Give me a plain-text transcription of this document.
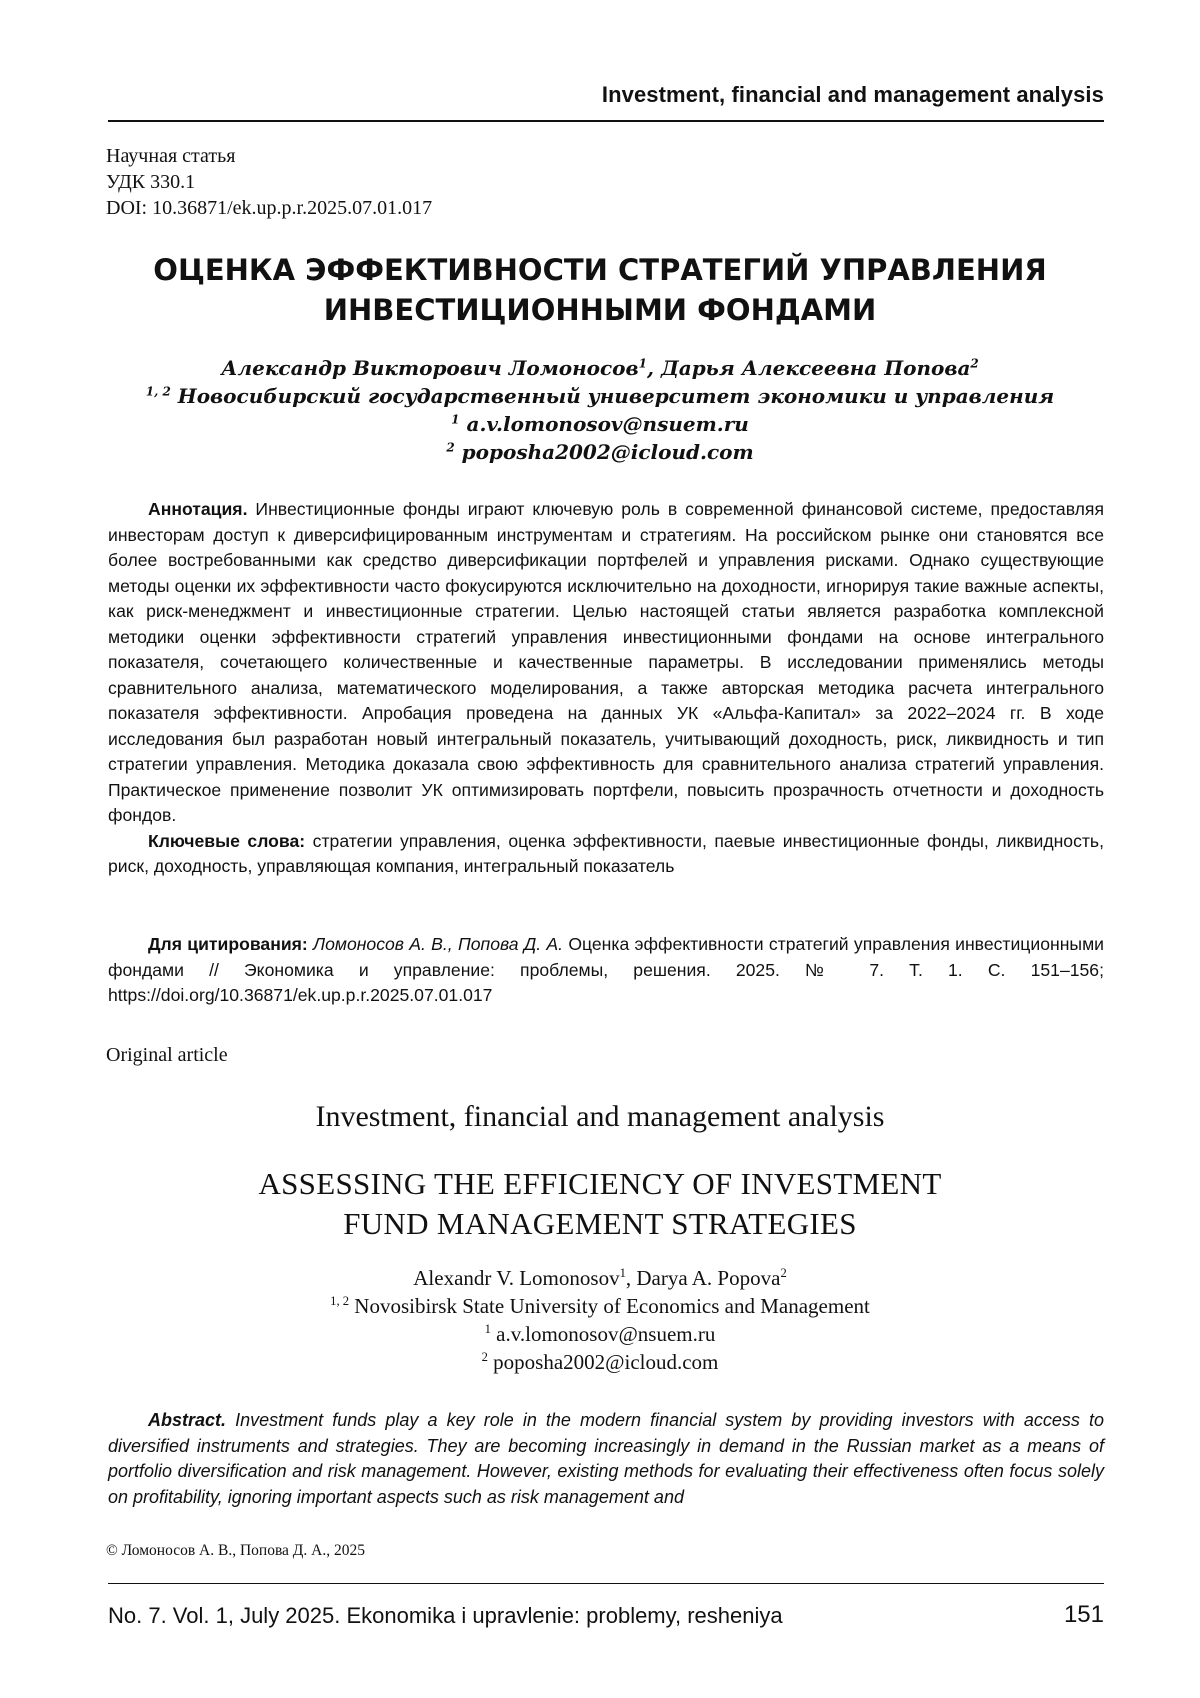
Investment, financial and management analysis
Научная статья
УДК 330.1
DOI: 10.36871/ek.up.p.r.2025.07.01.017
ОЦЕНКА ЭФФЕКТИВНОСТИ СТРАТЕГИЙ УПРАВЛЕНИЯ
ИНВЕСТИЦИОННЫМИ ФОНДАМИ
Александр Викторович Ломоносов$^1$, Дарья Алексеевна Попова$^2$
$^{1, 2}$ Новосибирский государственный университет экономики и управления
$^1$ a.v.lomonosov@nsuem.ru
$^2$ poposha2002@icloud.com

Аннотация. Инвестиционные фонды играют ключевую роль в современной финансовой системе, предоставляя инвесторам доступ к диверсифицированным инструментам и стратегиям. На российском рынке они становятся все более востребованными как средство диверсификации портфелей и управления рисками. Однако существующие методы оценки их эффективности часто фокусируются исключительно на доходности, игнорируя такие важные аспекты, как риск-менеджмент и инвестиционные стратегии. Целью настоящей статьи является разработка комплексной методики оценки эффективности стратегий управления инвестиционными фондами на основе интегрального показателя, сочетающего количественные и качественные параметры. В исследовании применялись методы сравнительного анализа, математического моделирования, а также авторская методика расчета интегрального показателя эффективности. Апробация проведена на данных УК «Альфа-Капитал» за 2022–2024 гг. В ходе исследования был разработан новый интегральный показатель, учитывающий доходность, риск, ликвидность и тип стратегии управления. Методика доказала свою эффективность для сравнительного анализа стратегий управления. Практическое применение позволит УК оптимизировать портфели, повысить прозрачность отчетности и доходность фондов.

Ключевые слова: стратегии управления, оценка эффективности, паевые инвестиционные фонды, ликвидность, риск, доходность, управляющая компания, интегральный показатель

Для цитирования: Ломоносов А. В., Попова Д. А. Оценка эффективности стратегий управления инвестиционными фондами // Экономика и управление: проблемы, решения. 2025. № 7. Т. 1. С. 151–156; https://doi.org/10.36871/ek.up.p.r.2025.07.01.017

Original article
Investment, financial and management analysis
ASSESSING THE EFFICIENCY OF INVESTMENT
FUND MANAGEMENT STRATEGIES
Alexandr V. Lomonosov$^1$, Darya A. Popova$^2$
$^{1, 2}$ Novosibirsk State University of Economics and Management
$^1$ a.v.lomonosov@nsuem.ru
$^2$ poposha2002@icloud.com

Abstract. Investment funds play a key role in the modern financial system by providing investors with access to diversified instruments and strategies. They are becoming increasingly in demand in the Russian market as a means of portfolio diversification and risk management. However, existing methods for evaluating their effectiveness often focus solely on profitability, ignoring important aspects such as risk management and

© Ломоносов А. В., Попова Д. А., 2025
No. 7. Vol. 1, July 2025. Ekonomika i upravlenie: problemy, resheniya	151
